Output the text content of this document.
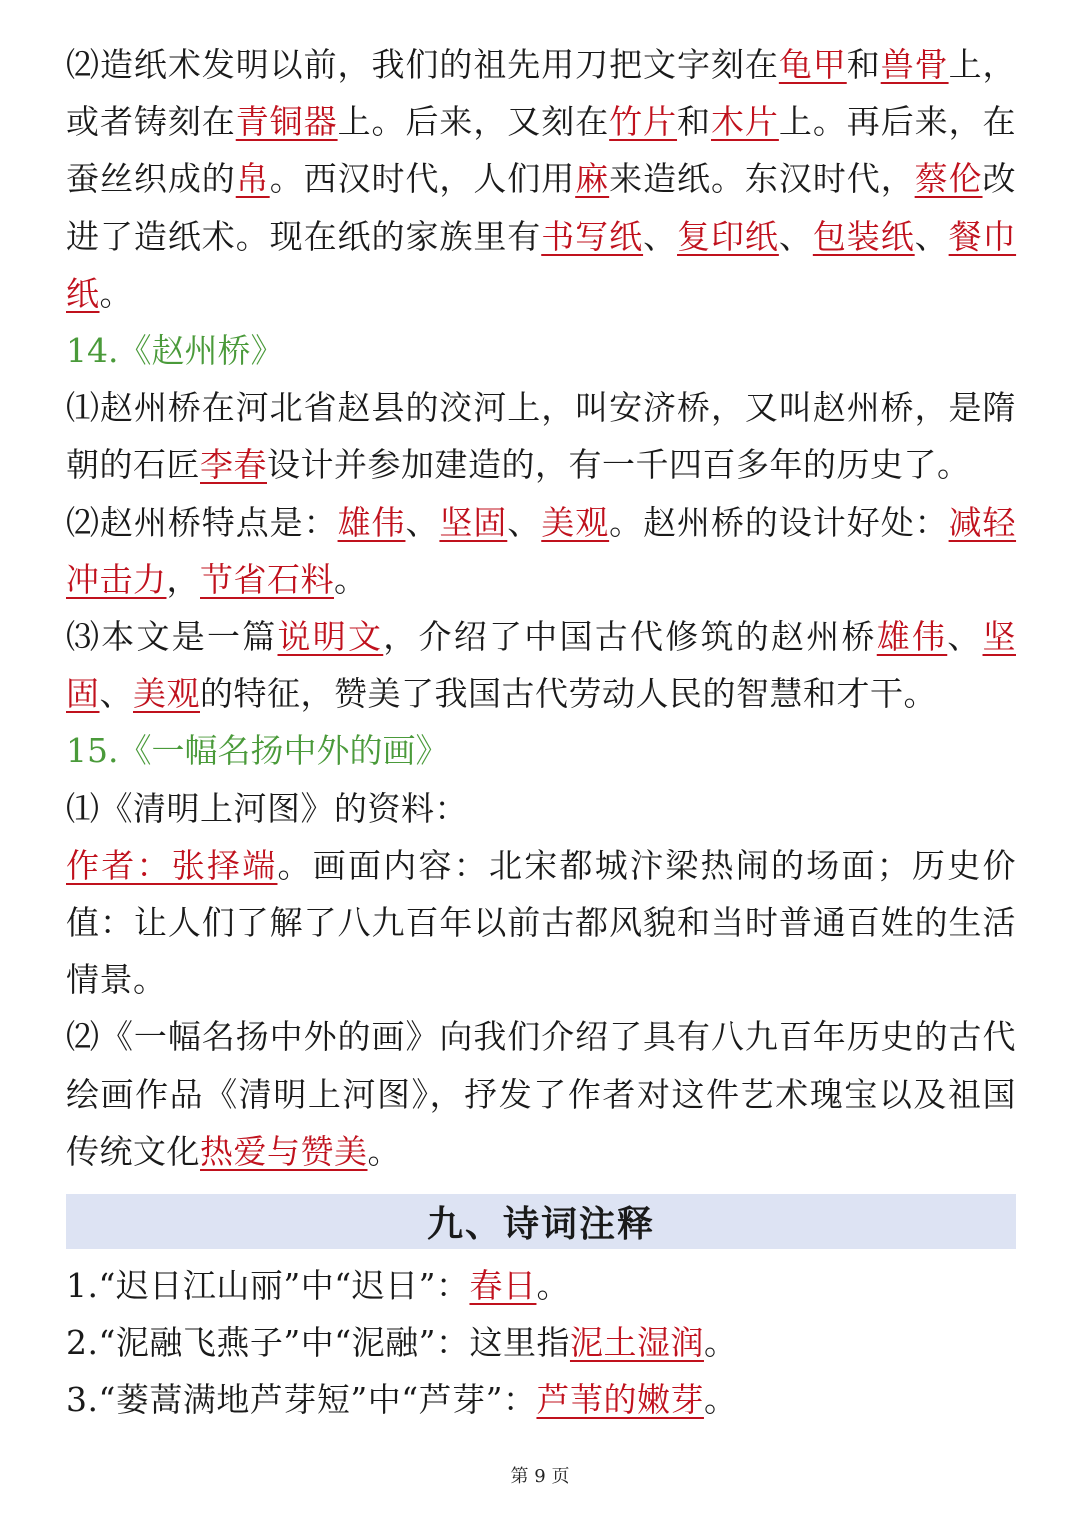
⑵造纸术发明以前，我们的祖先用刀把文字刻在龟甲和兽骨上，或者铸刻在青铜器上。后来，又刻在竹片和木片上。再后来，在蚕丝织成的帛。西汉时代，人们用麻来造纸。东汉时代，蔡伦改进了造纸术。现在纸的家族里有书写纸、复印纸、包装纸、餐巾纸。

14.《赵州桥》

⑴赵州桥在河北省赵县的洨河上，叫安济桥，又叫赵州桥，是隋朝的石匠李春设计并参加建造的，有一千四百多年的历史了。

⑵赵州桥特点是：雄伟、坚固、美观。赵州桥的设计好处：减轻冲击力，节省石料。

⑶本文是一篇说明文，介绍了中国古代修筑的赵州桥雄伟、坚固、美观的特征，赞美了我国古代劳动人民的智慧和才干。

15.《一幅名扬中外的画》

⑴《清明上河图》的资料：

作者：张择端。画面内容：北宋都城汴梁热闹的场面；历史价值：让人们了解了八九百年以前古都风貌和当时普通百姓的生活情景。

⑵《一幅名扬中外的画》向我们介绍了具有八九百年历史的古代绘画作品《清明上河图》，抒发了作者对这件艺术瑰宝以及祖国传统文化热爱与赞美。

九、诗词注释

1.“迟日江山丽”中“迟日”：春日。

2.“泥融飞燕子”中“泥融”：这里指泥土湿润。

3.“蒌蒿满地芦芽短”中“芦芽”：芦苇的嫩芽。

第 9 页
